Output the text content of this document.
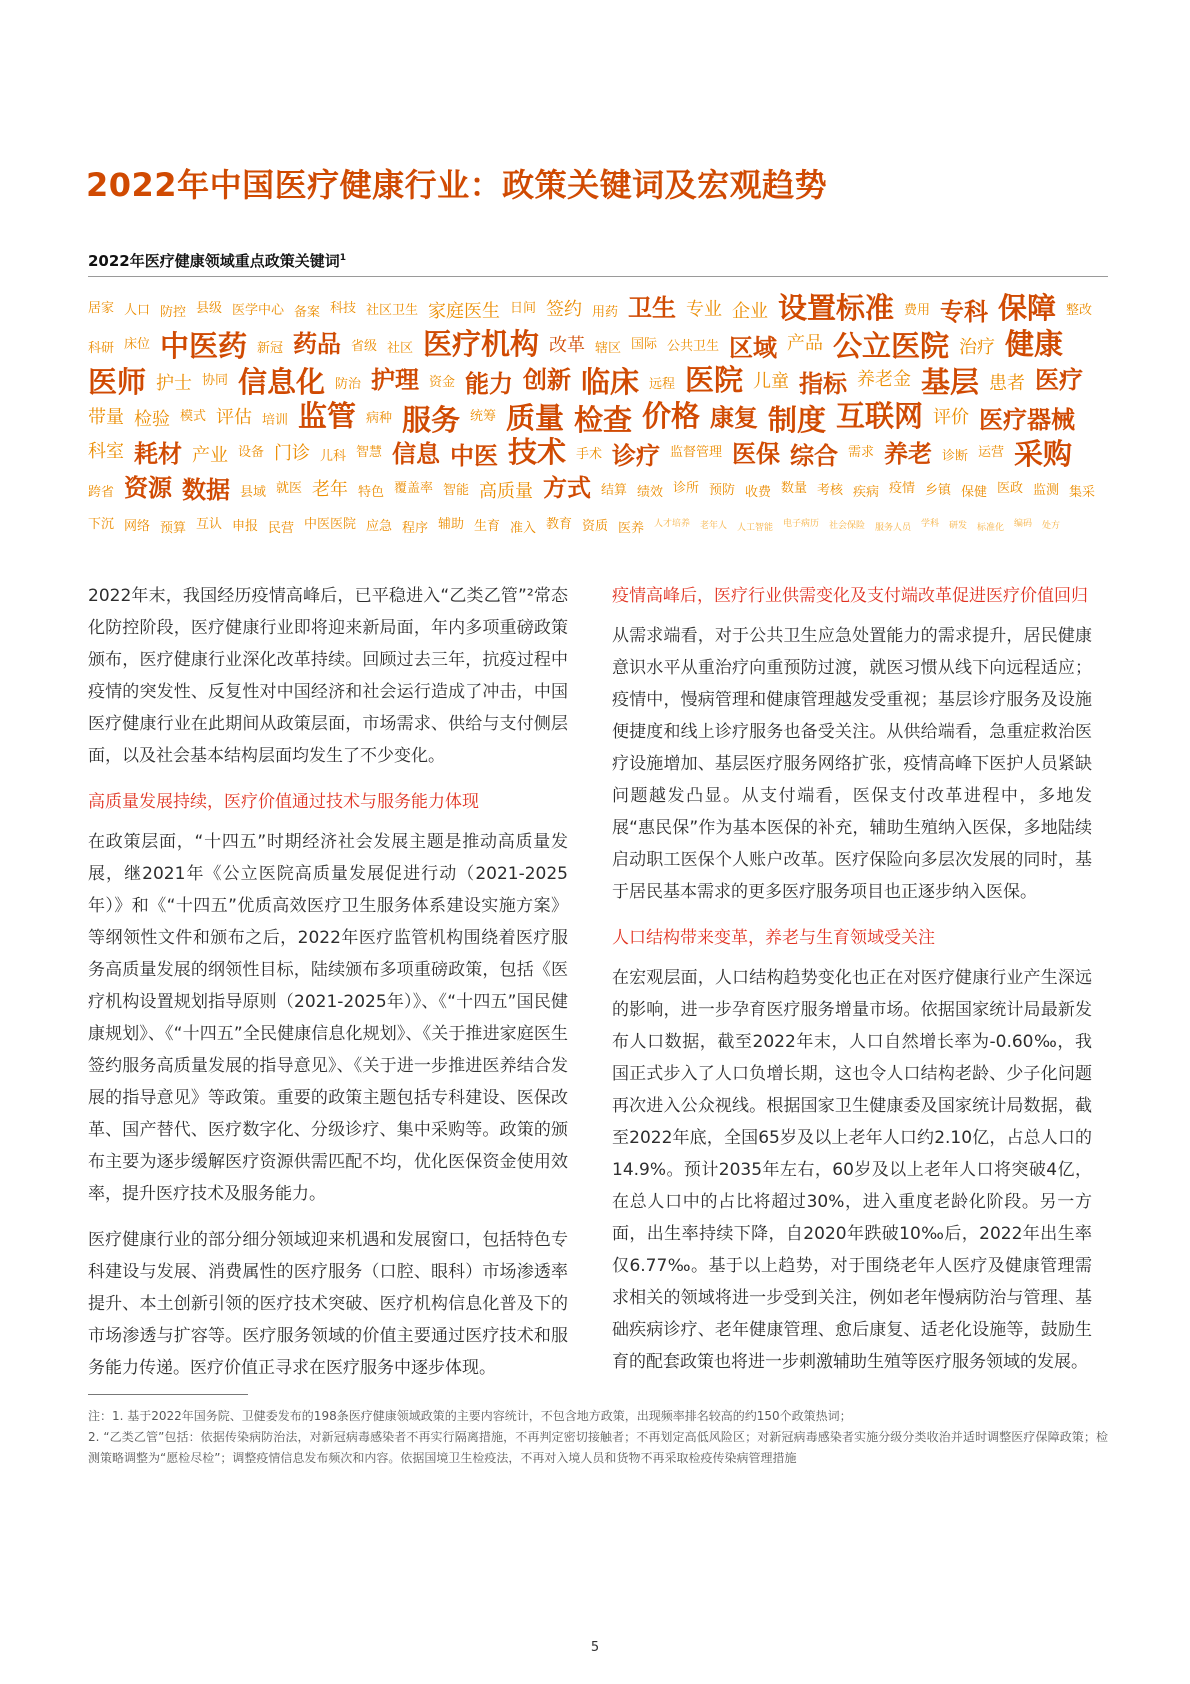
2022年中国医疗健康行业：政策关键词及宏观趋势
2022年医疗健康领域重点政策关键词$^1$
居家 人口 防控 县级 医学中心 备案 科技 社区卫生 家庭医生 日间 签约 用药 卫生 专业 企业 设置标准 费用 专科 保障 整改
科研 床位 中医药 新冠 药品 省级 社区 医疗机构 改革 辖区 国际 公共卫生 区域 产品 公立医院 治疗 健康
医师 护士 协同 信息化 防治 护理 资金 能力 创新 临床 远程 医院 儿童 指标 养老金 基层 患者 医疗
带量 检验 模式 评估 培训 监管 病种 服务 统筹 质量 检查 价格 康复 制度 互联网 评价 医疗器械
科室 耗材 产业 设备 门诊 儿科 智慧 信息 中医 技术 手术 诊疗 监督管理 医保 综合 需求 养老 诊断 运营 采购
跨省 资源 数据 县域 就医 老年 特色 覆盖率 智能 高质量 方式 结算 绩效 诊所 预防 收费 数量 考核 疾病 疫情 乡镇 保健 医政 监测 集采
下沉 网络 预算 互认 申报 民营 中医医院 应急 程序 辅助 生育 准入 教育 资质 医养 人才培养 老年人 人工智能 电子病历 社会保险 服务人员 学科 研发 标准化 编码 处方

2022年末，我国经历疫情高峰后，已平稳进入“乙类乙管”²常态化防控阶段，医疗健康行业即将迎来新局面，年内多项重磅政策颁布，医疗健康行业深化改革持续。回顾过去三年，抗疫过程中疫情的突发性、反复性对中国经济和社会运行造成了冲击，中国医疗健康行业在此期间从政策层面，市场需求、供给与支付侧层面，以及社会基本结构层面均发生了不少变化。

高质量发展持续，医疗价值通过技术与服务能力体现

在政策层面，“十四五”时期经济社会发展主题是推动高质量发展，继2021年《公立医院高质量发展促进行动（2021-2025年）》和《“十四五”优质高效医疗卫生服务体系建设实施方案》等纲领性文件和颁布之后，2022年医疗监管机构围绕着医疗服务高质量发展的纲领性目标，陆续颁布多项重磅政策，包括《医疗机构设置规划指导原则（2021-2025年）》、《“十四五”国民健康规划》、《“十四五”全民健康信息化规划》、《关于推进家庭医生签约服务高质量发展的指导意见》、《关于进一步推进医养结合发展的指导意见》等政策。重要的政策主题包括专科建设、医保改革、国产替代、医疗数字化、分级诊疗、集中采购等。政策的颁布主要为逐步缓解医疗资源供需匹配不均，优化医保资金使用效率，提升医疗技术及服务能力。

医疗健康行业的部分细分领域迎来机遇和发展窗口，包括特色专科建设与发展、消费属性的医疗服务（口腔、眼科）市场渗透率提升、本土创新引领的医疗技术突破、医疗机构信息化普及下的市场渗透与扩容等。医疗服务领域的价值主要通过医疗技术和服务能力传递。医疗价值正寻求在医疗服务中逐步体现。

疫情高峰后，医疗行业供需变化及支付端改革促进医疗价值回归

从需求端看，对于公共卫生应急处置能力的需求提升，居民健康意识水平从重治疗向重预防过渡，就医习惯从线下向远程适应；疫情中，慢病管理和健康管理越发受重视；基层诊疗服务及设施便捷度和线上诊疗服务也备受关注。从供给端看，急重症救治医疗设施增加、基层医疗服务网络扩张，疫情高峰下医护人员紧缺问题越发凸显。从支付端看，医保支付改革进程中，多地发展“惠民保”作为基本医保的补充，辅助生殖纳入医保，多地陆续启动职工医保个人账户改革。医疗保险向多层次发展的同时，基于居民基本需求的更多医疗服务项目也正逐步纳入医保。

人口结构带来变革，养老与生育领域受关注

在宏观层面，人口结构趋势变化也正在对医疗健康行业产生深远的影响，进一步孕育医疗服务增量市场。依据国家统计局最新发布人口数据，截至2022年末，人口自然增长率为-0.60‰，我国正式步入了人口负增长期，这也令人口结构老龄、少子化问题再次进入公众视线。根据国家卫生健康委及国家统计局数据，截至2022年底，全国65岁及以上老年人口约2.10亿，占总人口的14.9%。预计2035年左右，60岁及以上老年人口将突破4亿，在总人口中的占比将超过30%，进入重度老龄化阶段。另一方面，出生率持续下降，自2020年跌破10‰后，2022年出生率仅6.77‰。基于以上趋势，对于围绕老年人医疗及健康管理需求相关的领域将进一步受到关注，例如老年慢病防治与管理、基础疾病诊疗、老年健康管理、愈后康复、适老化设施等，鼓励生育的配套政策也将进一步刺激辅助生殖等医疗服务领域的发展。

注：1. 基于2022年国务院、卫健委发布的198条医疗健康领域政策的主要内容统计，不包含地方政策，出现频率排名较高的约150个政策热词；

2. “乙类乙管”包括：依据传染病防治法，对新冠病毒感染者不再实行隔离措施，不再判定密切接触者；不再划定高低风险区；对新冠病毒感染者实施分级分类收治并适时调整医疗保障政策；检测策略调整为“愿检尽检”；调整疫情信息发布频次和内容。依据国境卫生检疫法，不再对入境人员和货物不再采取检疫传染病管理措施

5
